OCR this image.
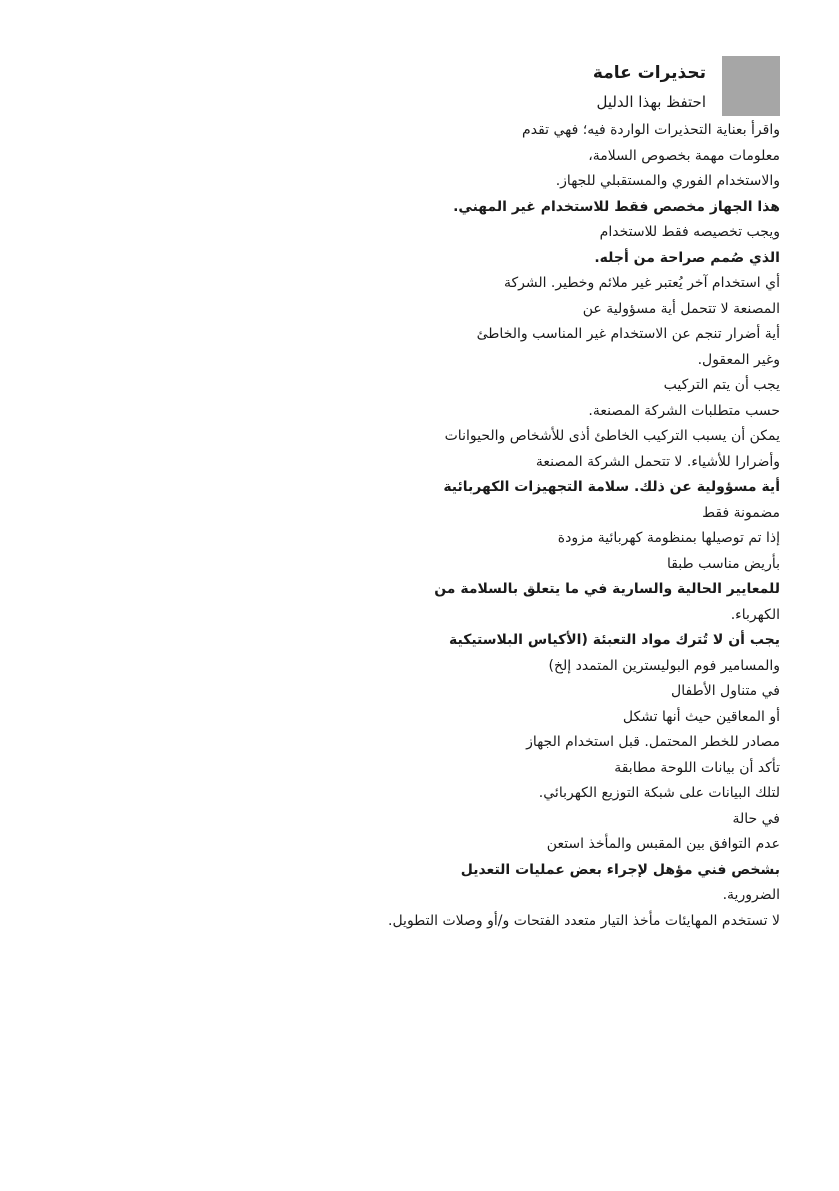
تحذيرات عامة
احتفظ بهذا الدليل
واقرأ بعناية التحذيرات الواردة فيه؛ فهي تقدم
معلومات مهمة بخصوص السلامة،
والاستخدام الفوري والمستقبلي للجهاز.
هذا الجهاز مخصص فقط للاستخدام غير المهني.
ويجب تخصيصه فقط للاستخدام
الذي صُمم صراحة من أجله.
أي استخدام آخر يُعتبر غير ملائم وخطير. الشركة
المصنعة لا تتحمل أية مسؤولية عن
أية أضرار تنجم عن الاستخدام غير المناسب والخاطئ
وغير المعقول.
يجب أن يتم التركيب
حسب متطلبات الشركة المصنعة.
يمكن أن يسبب التركيب الخاطئ أذى للأشخاص والحيوانات
وأضرارا للأشياء. لا تتحمل الشركة المصنعة
أية مسؤولية عن ذلك. سلامة التجهيزات الكهربائية
مضمونة فقط
إذا تم توصيلها بمنظومة كهربائية مزودة
بأريض مناسب طبقا
للمعايير الحالية والسارية في ما يتعلق بالسلامة من
الكهرباء.
يجب أن لا تُترك مواد التعبئة (الأكياس البلاستيكية
والمسامير فوم البوليسترين المتمدد إلخ)
في متناول الأطفال
أو المعاقين حيث أنها تشكل
مصادر للخطر المحتمل. قبل استخدام الجهاز
تأكد أن بيانات اللوحة مطابقة
لتلك البيانات على شبكة التوزيع الكهربائي.
في حالة
عدم التوافق بين المقبس والمأخذ استعن
بشخص فني مؤهل لإجراء بعض عمليات التعديل
الضرورية.
لا تستخدم المهايئات مأخذ التيار متعدد الفتحات و/أو وصلات التطويل.
